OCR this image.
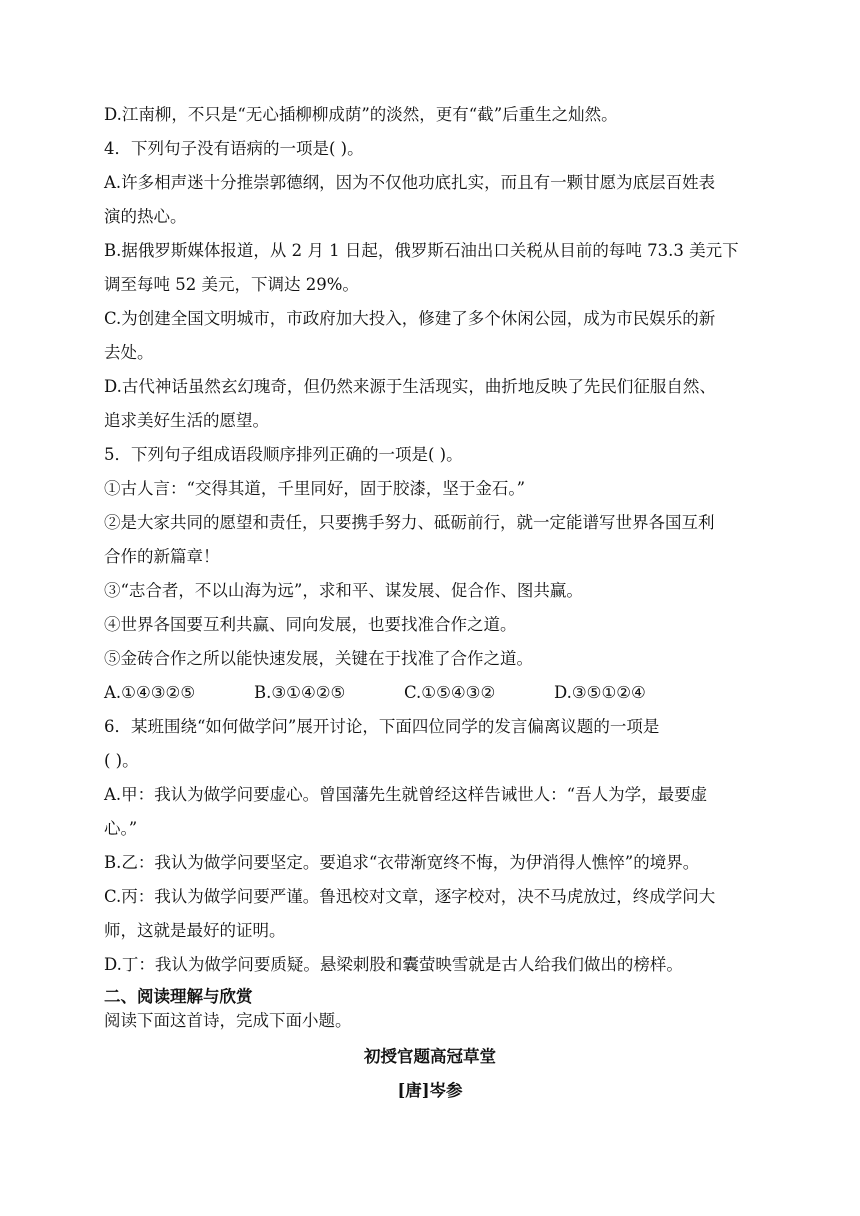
D.江南柳，不只是“无心插柳柳成荫”的淡然，更有“截”后重生之灿然。
4．下列句子没有语病的一项是( )。
A.许多相声迷十分推崇郭德纲，因为不仅他功底扎实，而且有一颗甘愿为底层百姓表
演的热心。
B.据俄罗斯媒体报道，从 2 月 1 日起，俄罗斯石油出口关税从目前的每吨 73.3 美元下
调至每吨 52 美元，下调达 29%。
C.为创建全国文明城市，市政府加大投入，修建了多个休闲公园，成为市民娱乐的新
去处。
D.古代神话虽然玄幻瑰奇，但仍然来源于生活现实，曲折地反映了先民们征服自然、
追求美好生活的愿望。
5．下列句子组成语段顺序排列正确的一项是( )。
①古人言：“交得其道，千里同好，固于胶漆，坚于金石。”
②是大家共同的愿望和责任，只要携手努力、砥砺前行，就一定能谱写世界各国互利
合作的新篇章！
③“志合者，不以山海为远”，求和平、谋发展、促合作、图共赢。
④世界各国要互利共赢、同向发展，也要找准合作之道。
⑤金砖合作之所以能快速发展，关键在于找准了合作之道。
A.①④③②⑤	B.③①④②⑤	C.①⑤④③②	D.③⑤①②④
6．某班围绕“如何做学问”展开讨论，下面四位同学的发言偏离议题的一项是
( )。
A.甲：我认为做学问要虚心。曾国藩先生就曾经这样告诫世人：“吾人为学，最要虚
心。”
B.乙：我认为做学问要坚定。要追求“衣带渐宽终不悔，为伊消得人憔悴”的境界。
C.丙：我认为做学问要严谨。鲁迅校对文章，逐字校对，决不马虎放过，终成学问大
师，这就是最好的证明。
D.丁：我认为做学问要质疑。悬梁刺股和囊萤映雪就是古人给我们做出的榜样。
二、阅读理解与欣赏
阅读下面这首诗，完成下面小题。
初授官题高冠草堂
[唐]岑参
